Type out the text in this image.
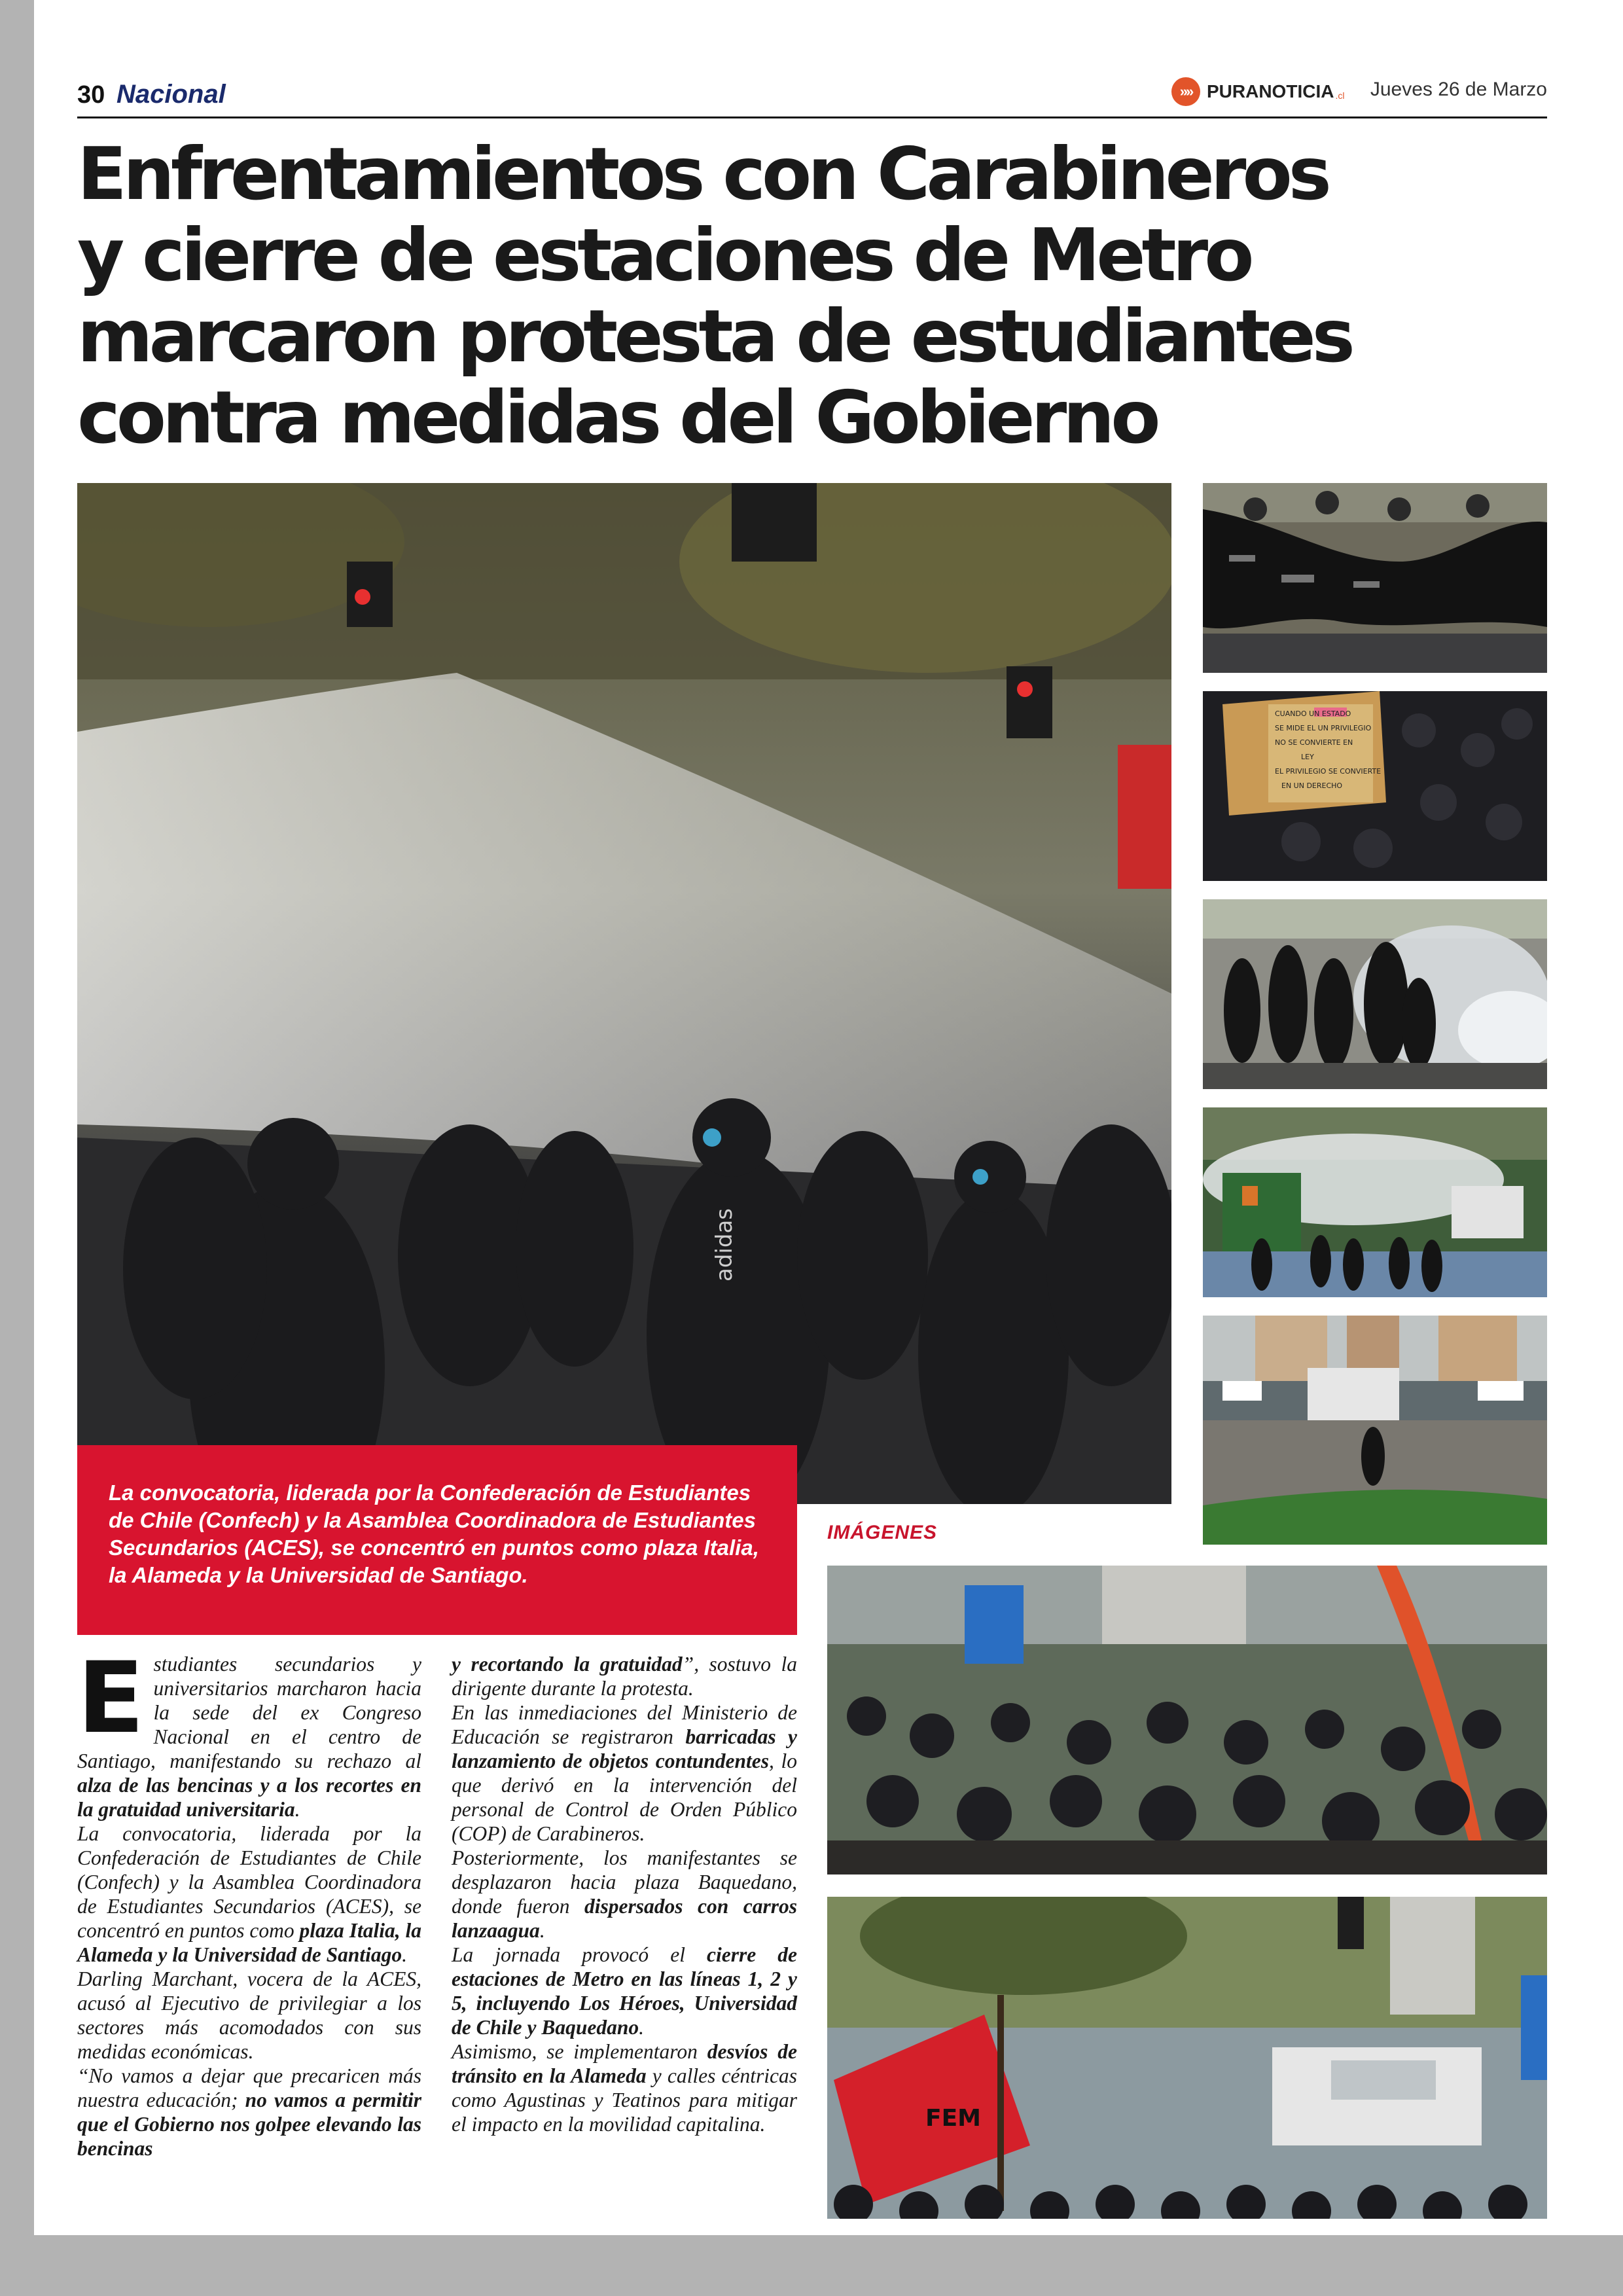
30 Nacional	»» PURANOTICIA .cl Jueves 26 de Marzo
Enfrentamientos con Carabineros
y cierre de estaciones de Metro
marcaron protesta de estudiantes
contra medidas del Gobierno
adidas
CUANDO UN ESTADO
SE MIDE EL UN PRIVILEGIO
NO SE CONVIERTE EN
LEY
EL PRIVILEGIO SE CONVIERTE
EN UN DERECHO

La convocatoria, liderada por la Confederación de Estudiantes de Chile (Confech) y la Asamblea Coordinadora de Estudiantes Secundarios (ACES), se concentró en puntos como plaza Italia, la Alameda y la Universidad de Santiago.

IMÁGENES
FEM

Estudiantes secundarios y universitarios marcharon hacia la sede del ex Congreso Nacional en el centro de Santiago, manifestando su rechazo al alza de las bencinas y a los recortes en la gratuidad universitaria.

La convocatoria, liderada por la Confederación de Estudiantes de Chile (Confech) y la Asamblea Coordinadora de Estudiantes Secundarios (ACES), se concentró en puntos como plaza Italia, la Alameda y la Universidad de Santiago.

Darling Marchant, vocera de la ACES, acusó al Ejecutivo de privilegiar a los sectores más acomodados con sus medidas económicas.

“No vamos a dejar que precaricen más nuestra educación; no vamos a permitir que el Gobierno nos golpee elevando las bencinas

y recortando la gratuidad”, sostuvo la dirigente durante la protesta.

En las inmediaciones del Ministerio de Educación se registraron barricadas y lanzamiento de objetos contundentes, lo que derivó en la intervención del personal de Control de Orden Público (COP) de Carabineros.

Posteriormente, los manifestantes se desplazaron hacia plaza Baquedano, donde fueron dispersados con carros lanzaagua.

La jornada provocó el cierre de estaciones de Metro en las líneas 1, 2 y 5, incluyendo Los Héroes, Universidad de Chile y Baquedano.

Asimismo, se implementaron desvíos de tránsito en la Alameda y calles céntricas como Agustinas y Teatinos para mitigar el impacto en la movilidad capitalina.
